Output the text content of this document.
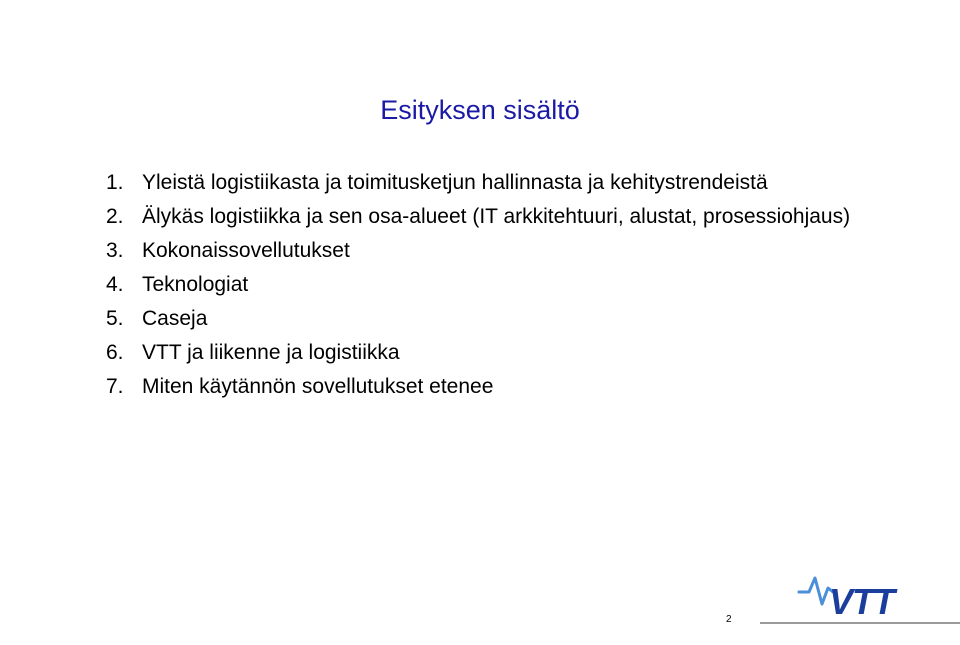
Esityksen sisältö
1. Yleistä logistiikasta ja toimitusketjun hallinnasta ja kehitystrendeistä
2. Älykäs logistiikka ja sen osa-alueet (IT arkkitehtuuri, alustat, prosessiohjaus)
3. Kokonaissovellutukset
4. Teknologiat
5. Caseja
6. VTT ja liikenne ja logistiikka
7. Miten käytännön sovellutukset etenee
2	VTT
